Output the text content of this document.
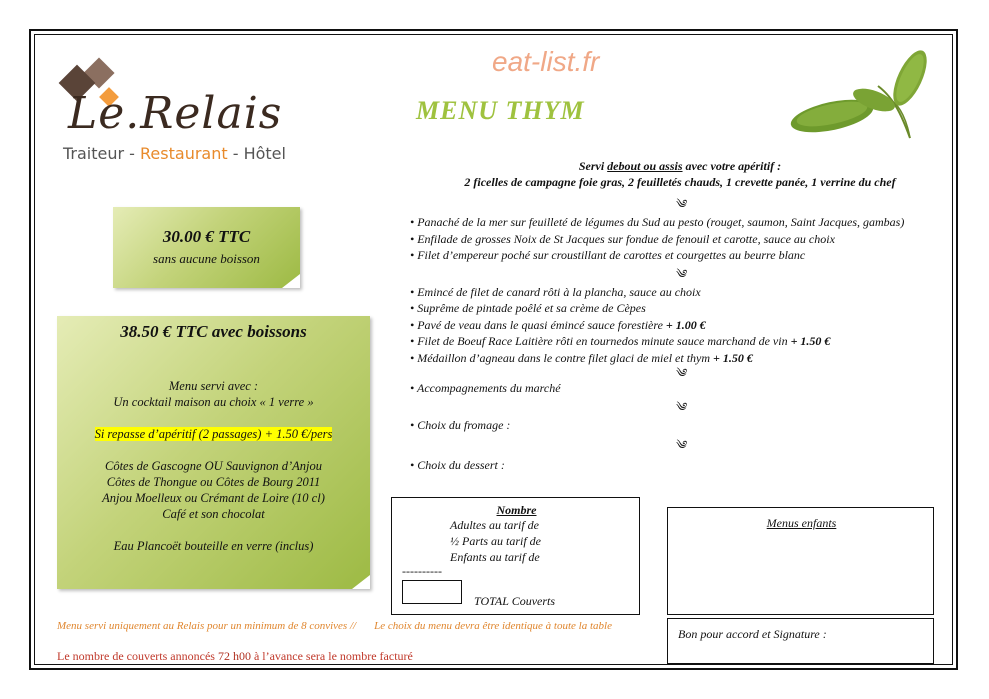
Le.Relais
Traiteur - Restaurant - Hôtel
eat-list.fr
MENU THYM
30.00 € TTC
sans aucune boisson
38.50 € TTC avec boissons
Menu servi avec :
Un cocktail maison au choix « 1 verre »
Si repasse d’apéritif (2 passages) + 1.50 €/pers
Côtes de Gascogne OU Sauvignon d’Anjou
Côtes de Thongue ou Côtes de Bourg 2011
Anjou Moelleux ou Crémant de Loire (10 cl)
Café et son chocolat
Eau Plancoët bouteille en verre (inclus)
Servi debout ou assis avec votre apéritif :
2 ficelles de campagne foie gras, 2 feuilletés chauds, 1 crevette panée, 1 verrine du chef
༄
• Panaché de la mer sur feuilleté de légumes du Sud au pesto (rouget, saumon, Saint Jacques, gambas)
• Enfilade de grosses Noix de St Jacques sur fondue de fenouil et carotte, sauce au choix
• Filet d’empereur poché sur croustillant de carottes et courgettes au beurre blanc
༄
• Emincé de filet de canard rôti à la plancha, sauce au choix
• Suprême de pintade poêlé et sa crème de Cèpes
• Pavé de veau dans le quasi émincé sauce forestière + 1.00 €
• Filet de Boeuf Race Laitière rôti en tournedos minute sauce marchand de vin + 1.50 €
• Médaillon d’agneau dans le contre filet glaci de miel et thym + 1.50 €
༄
• Accompagnements du marché
༄
• Choix du fromage :
༄
• Choix du dessert :
Nombre
Adultes au tarif de
½ Parts au tarif de
Enfants au tarif de
----------
TOTAL Couverts
Menus enfants
Bon pour accord et Signature :
Menu servi uniquement au Relais pour un minimum de 8 convives // Le choix du menu devra être identique à toute la table
Le nombre de couverts annoncés 72 h00 à l’avance sera le nombre facturé
